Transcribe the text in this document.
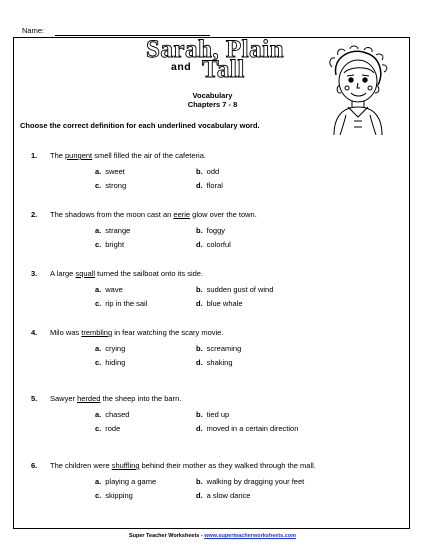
Name:
Sarah, Plain
and Tall
Vocabulary
Chapters 7 - 8
Choose the correct definition for each underlined vocabulary word.
1. The pungent smell filled the air of the cafeteria.
a. sweet	b. odd
c. strong	d. floral
2. The shadows from the moon cast an eerie glow over the town.
a. strange	b. foggy
c. bright	d. colorful
3. A large squall turned the sailboat onto its side.
a. wave	b. sudden gust of wind
c. rip in the sail	d. blue whale
4. Milo was trembling in fear watching the scary movie.
a. crying	b. screaming
c. hiding	d. shaking
5. Sawyer herded the sheep into the barn.
a. chased	b. tied up
c. rode	d. moved in a certain direction
6. The children were shuffling behind their mother as they walked through the mall.
a. playing a game	b. walking by dragging your feet
c. skipping	d. a slow dance
Super Teacher Worksheets - www.superteacherworksheets.com
